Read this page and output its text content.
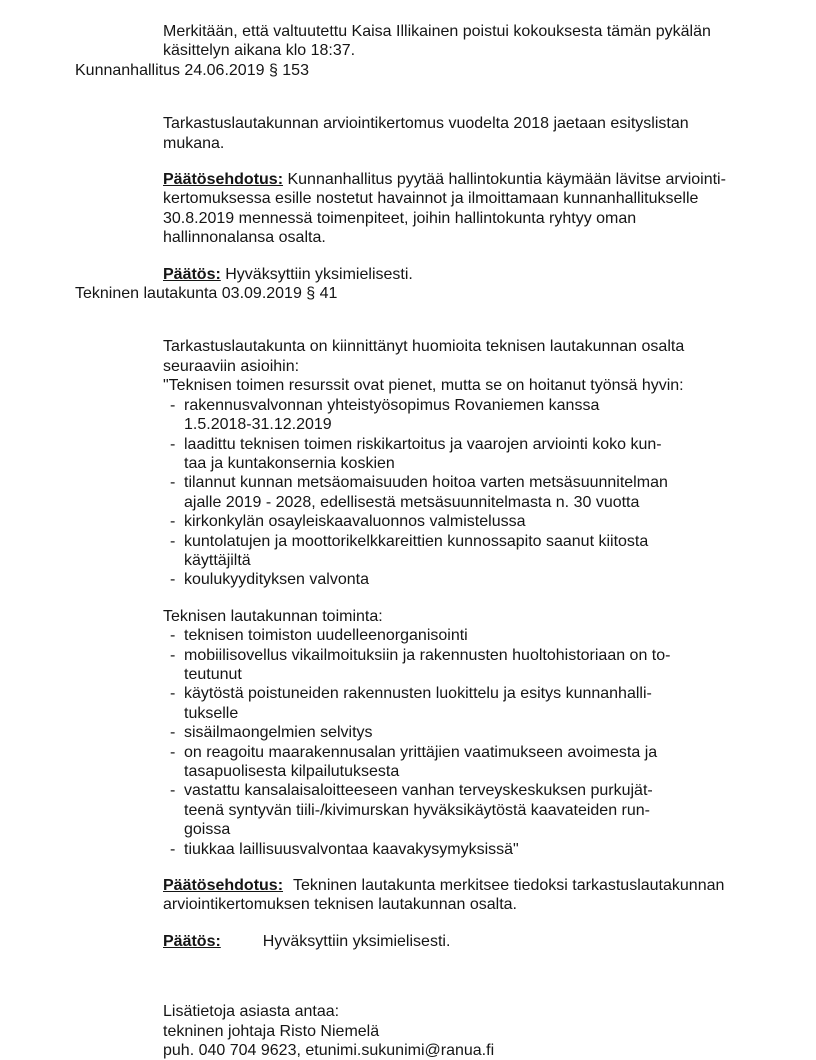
Merkitään, että valtuutettu Kaisa Illikainen poistui kokouksesta tämän pykälän
käsittelyn aikana klo 18:37.
Kunnanhallitus 24.06.2019 § 153
Tarkastuslautakunnan arviointikertomus vuodelta 2018 jaetaan esityslistan
mukana.
Päätösehdotus: Kunnanhallitus pyytää hallintokuntia käymään lävitse arviointi-
kertomuksessa esille nostetut havainnot ja ilmoittamaan kunnanhallitukselle
30.8.2019 mennessä toimenpiteet, joihin hallintokunta ryhtyy oman
hallinnonalansa osalta.
Päätös: Hyväksyttiin yksimielisesti.
Tekninen lautakunta 03.09.2019 § 41
Tarkastuslautakunta on kiinnittänyt huomioita teknisen lautakunnan osalta
seuraaviin asioihin:
"Teknisen toimen resurssit ovat pienet, mutta se on hoitanut työnsä hyvin:
- rakennusvalvonnan yhteistyösopimus Rovaniemen kanssa
1.5.2018-31.12.2019
- laadittu teknisen toimen riskikartoitus ja vaarojen arviointi koko kun-
taa ja kuntakonsernia koskien
- tilannut kunnan metsäomaisuuden hoitoa varten metsäsuunnitelman
ajalle 2019 - 2028, edellisestä metsäsuunnitelmasta n. 30 vuotta
- kirkonkylän osayleiskaavaluonnos valmistelussa
- kuntolatujen ja moottorikelkkareittien kunnossapito saanut kiitosta
käyttäjiltä
- koulukyydityksen valvonta
Teknisen lautakunnan toiminta:
- teknisen toimiston uudelleenorganisointi
- mobiilisovellus vikailmoituksiin ja rakennusten huoltohistoriaan on to-
teutunut
- käytöstä poistuneiden rakennusten luokittelu ja esitys kunnanhalli-
tukselle
- sisäilmaongelmien selvitys
- on reagoitu maarakennusalan yrittäjien vaatimukseen avoimesta ja
tasapuolisesta kilpailutuksesta
- vastattu kansalaisaloitteeseen vanhan terveyskeskuksen purkujät-
teenä syntyvän tiili-/kivimurskan hyväksikäytöstä kaavateiden run-
goissa
- tiukkaa laillisuusvalvontaa kaavakysymyksissä"
Päätösehdotus: Tekninen lautakunta merkitsee tiedoksi tarkastuslautakunnan
arviointikertomuksen teknisen lautakunnan osalta.
Päätös:	Hyväksyttiin yksimielisesti.
Lisätietoja asiasta antaa:
tekninen johtaja Risto Niemelä
puh. 040 704 9623, etunimi.sukunimi@ranua.fi
